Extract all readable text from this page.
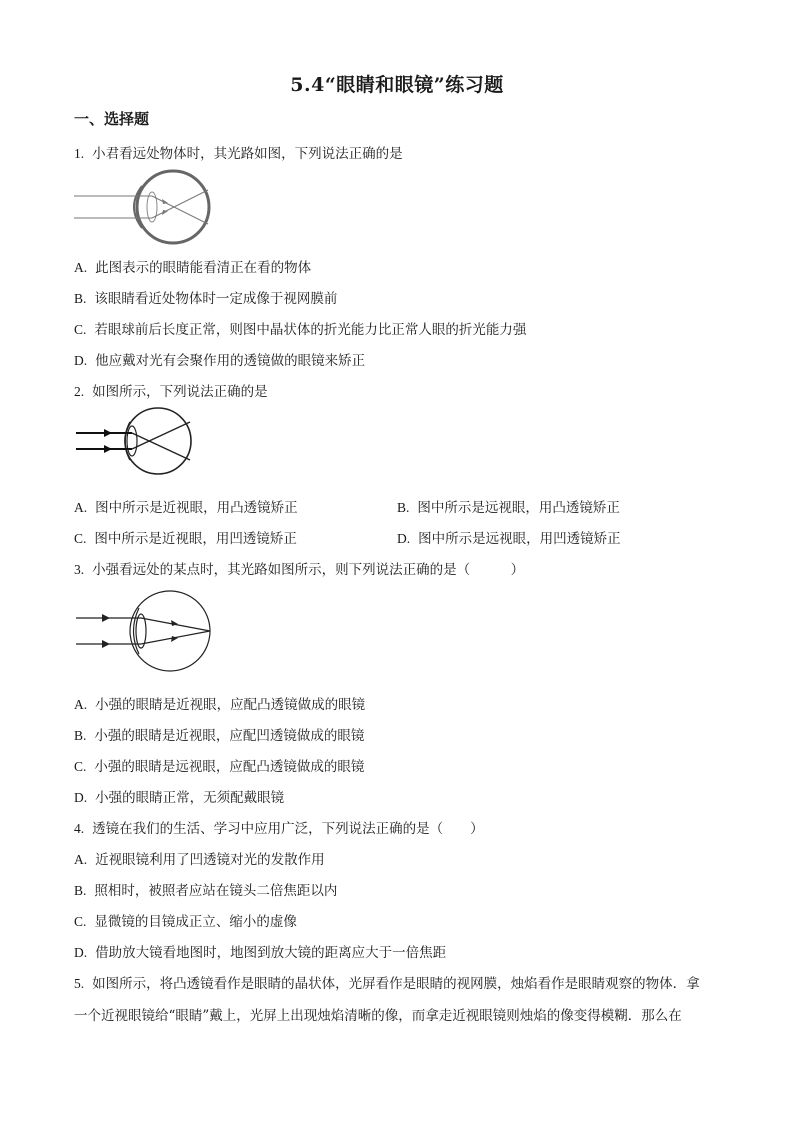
5.4“眼睛和眼镜”练习题
一、选择题
1. 小君看远处物体时，其光路如图，下列说法正确的是
A. 此图表示的眼睛能看清正在看的物体
B. 该眼睛看近处物体时一定成像于视网膜前
C. 若眼球前后长度正常，则图中晶状体的折光能力比正常人眼的折光能力强
D. 他应戴对光有会聚作用的透镜做的眼镜来矫正
2. 如图所示，下列说法正确的是
A. 图中所示是近视眼，用凸透镜矫正	B. 图中所示是远视眼，用凸透镜矫正
C. 图中所示是近视眼，用凹透镜矫正	D. 图中所示是远视眼，用凹透镜矫正
3. 小强看远处的某点时，其光路如图所示，则下列说法正确的是（　　　）
A. 小强的眼睛是近视眼，应配凸透镜做成的眼镜
B. 小强的眼睛是近视眼，应配凹透镜做成的眼镜
C. 小强的眼睛是远视眼，应配凸透镜做成的眼镜
D. 小强的眼睛正常，无须配戴眼镜
4. 透镜在我们的生活、学习中应用广泛，下列说法正确的是（　　）
A. 近视眼镜利用了凹透镜对光的发散作用
B. 照相时，被照者应站在镜头二倍焦距以内
C. 显微镜的目镜成正立、缩小的虚像
D. 借助放大镜看地图时，地图到放大镜的距离应大于一倍焦距
5. 如图所示，将凸透镜看作是眼睛的晶状体，光屏看作是眼睛的视网膜，烛焰看作是眼睛观察的物体．拿
一个近视眼镜给“眼睛”戴上，光屏上出现烛焰清晰的像，而拿走近视眼镜则烛焰的像变得模糊．那么在
